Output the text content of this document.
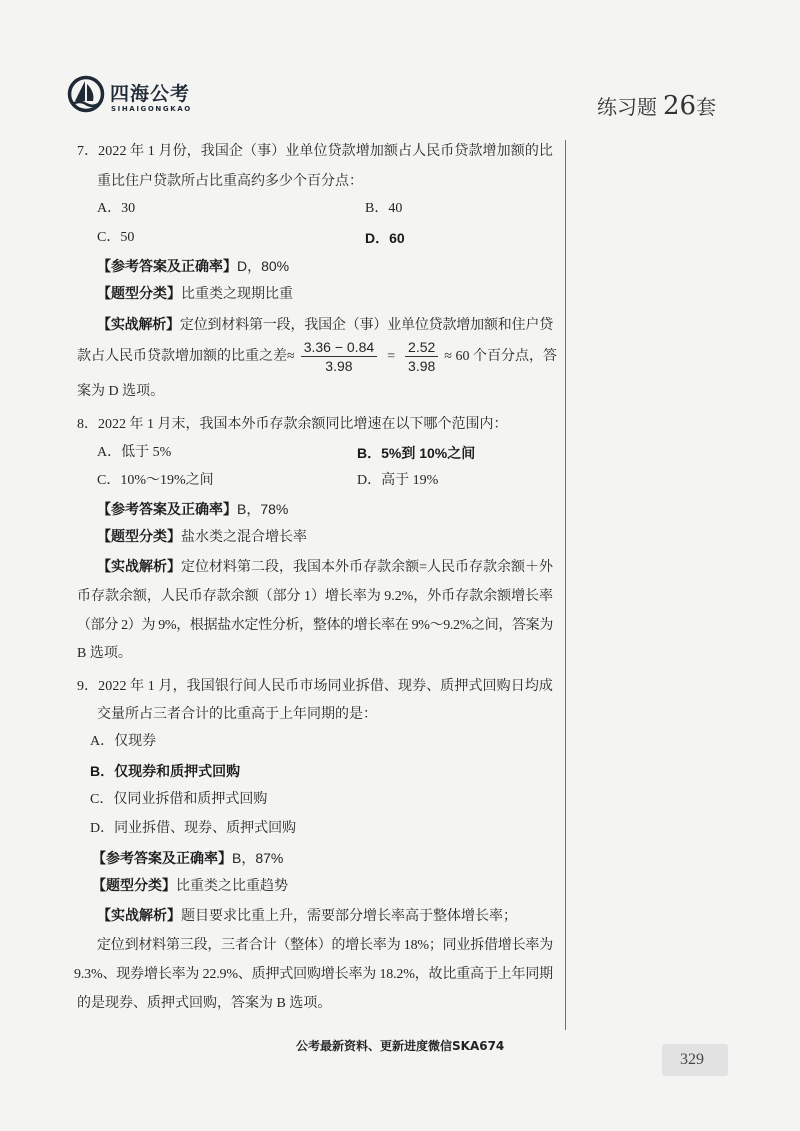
四海公考
SIHAIGONGKAO	练习题 26套
7．2022 年 1 月份，我国企（事）业单位贷款增加额占人民币贷款增加额的比
重比住户贷款所占比重高约多少个百分点：
A．30	B．40
C．50	D．60
【参考答案及正确率】D，80%
【题型分类】比重类之现期比重
【实战解析】定位到材料第一段，我国企（事）业单位贷款增加额和住户贷
款占人民币贷款增加额的比重之差≈ $\frac{3.36 - 0.84}{3.98} = \frac{2.52}{3.98} \approx 60$ 个百分点，答
案为 D 选项。
8．2022 年 1 月末，我国本外币存款余额同比增速在以下哪个范围内：
A．低于 5%	B．5%到 10%之间
C．10%～19%之间	D．高于 19%
【参考答案及正确率】B，78%
【题型分类】盐水类之混合增长率
【实战解析】定位材料第二段，我国本外币存款余额=人民币存款余额＋外
币存款余额，人民币存款余额（部分 1）增长率为 9.2%，外币存款余额增长率
（部分 2）为 9%，根据盐水定性分析，整体的增长率在 9%～9.2%之间，答案为
B 选项。
9．2022 年 1 月，我国银行间人民币市场同业拆借、现券、质押式回购日均成
交量所占三者合计的比重高于上年同期的是：
A．仅现券
B．仅现券和质押式回购
C．仅同业拆借和质押式回购
D．同业拆借、现券、质押式回购
【参考答案及正确率】B，87%
【题型分类】比重类之比重趋势
【实战解析】题目要求比重上升，需要部分增长率高于整体增长率；
定位到材料第三段，三者合计（整体）的增长率为 18%；同业拆借增长率为
9.3%、现券增长率为 22.9%、质押式回购增长率为 18.2%，故比重高于上年同期
的是现券、质押式回购，答案为 B 选项。
公考最新资料、更新进度微信SKA674
329
